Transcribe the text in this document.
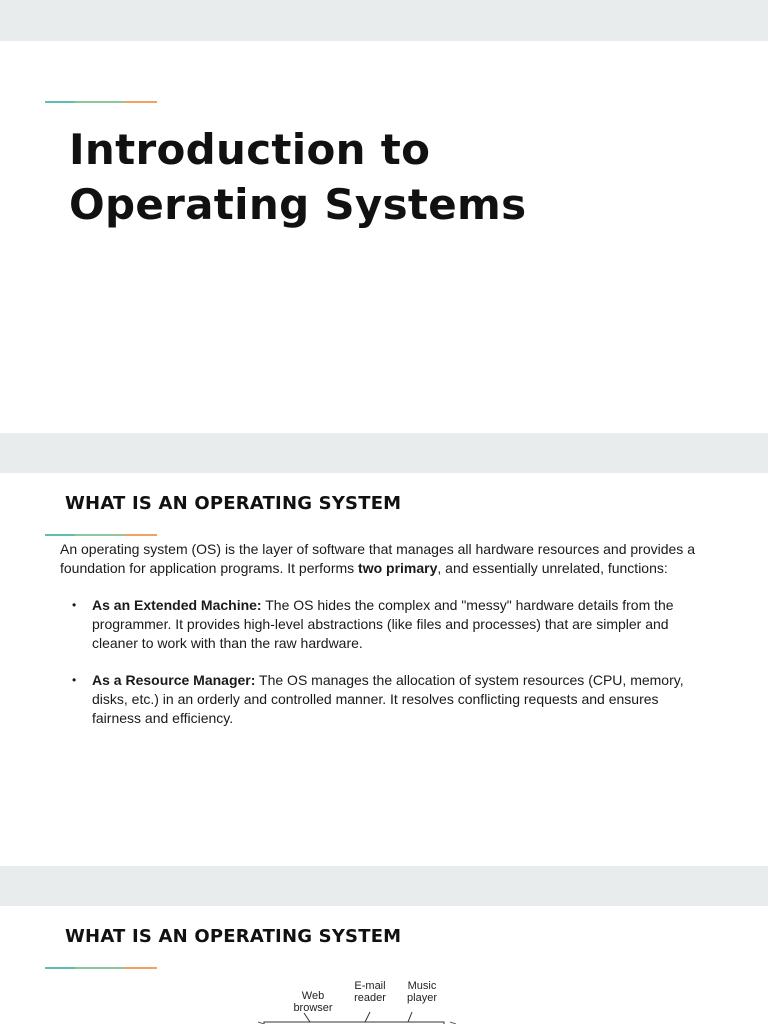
Introduction to
Operating Systems
WHAT IS AN OPERATING SYSTEM

An operating system (OS) is the layer of software that manages all hardware resources and provides a foundation for application programs. It performs two primary, and essentially unrelated, functions:

• As an Extended Machine: The OS hides the complex and "messy" hardware details from the programmer. It provides high-level abstractions (like files and processes) that are simpler and cleaner to work with than the raw hardware.
• As a Resource Manager: The OS manages the allocation of system resources (CPU, memory, disks, etc.) in an orderly and controlled manner. It resolves conflicting requests and ensures fairness and efficiency.
WHAT IS AN OPERATING SYSTEM
Web
browser
E-mail
reader
Music
player
